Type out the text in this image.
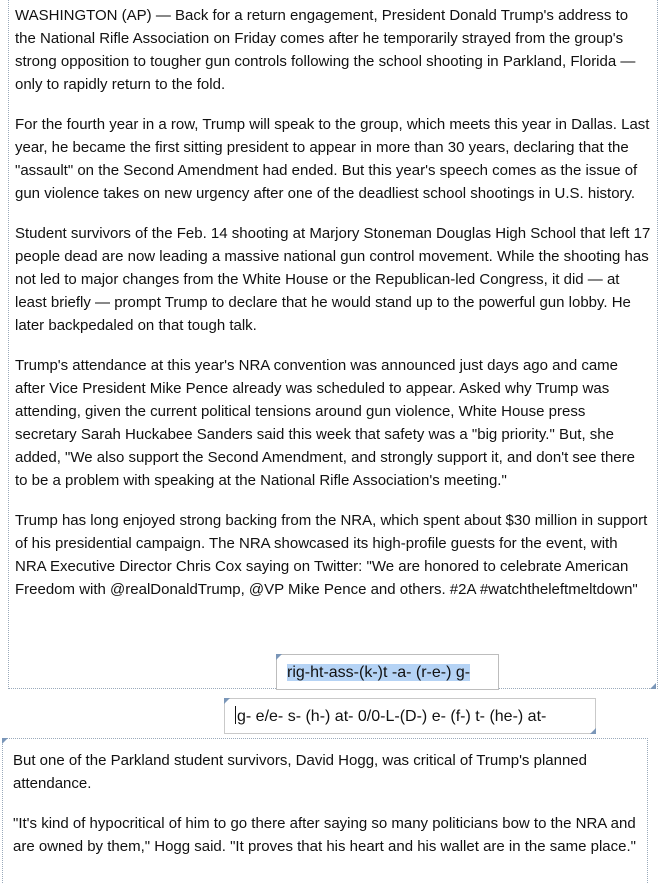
WASHINGTON (AP) — Back for a return engagement, President Donald Trump's address to the National Rifle Association on Friday comes after he temporarily strayed from the group's strong opposition to tougher gun controls following the school shooting in Parkland, Florida — only to rapidly return to the fold.

For the fourth year in a row, Trump will speak to the group, which meets this year in Dallas. Last year, he became the first sitting president to appear in more than 30 years, declaring that the "assault" on the Second Amendment had ended. But this year's speech comes as the issue of gun violence takes on new urgency after one of the deadliest school shootings in U.S. history.

Student survivors of the Feb. 14 shooting at Marjory Stoneman Douglas High School that left 17 people dead are now leading a massive national gun control movement. While the shooting has not led to major changes from the White House or the Republican-led Congress, it did — at least briefly — prompt Trump to declare that he would stand up to the powerful gun lobby. He later backpedaled on that tough talk.

Trump's attendance at this year's NRA convention was announced just days ago and came after Vice President Mike Pence already was scheduled to appear. Asked why Trump was attending, given the current political tensions around gun violence, White House press secretary Sarah Huckabee Sanders said this week that safety was a "big priority." But, she added, "We also support the Second Amendment, and strongly support it, and don't see there to be a problem with speaking at the National Rifle Association's meeting."

Trump has long enjoyed strong backing from the NRA, which spent about $30 million in support of his presidential campaign. The NRA showcased its high-profile guests for the event, with NRA Executive Director Chris Cox saying on Twitter: "We are honored to celebrate American Freedom with @realDonaldTrump, @VP Mike Pence and others. #2A #watchtheleftmeltdown"

But one of the Parkland student survivors, David Hogg, was critical of Trump's planned attendance.

"It's kind of hypocritical of him to go there after saying so many politicians bow to the NRA and are owned by them," Hogg said. "It proves that his heart and his wallet are in the same place."

rig-ht-ass-(k-)t -a- (r-e-) g-
g- e/e- s- (h-) at- 0/0-L-(D-) e- (f-) t- (he-) at-
